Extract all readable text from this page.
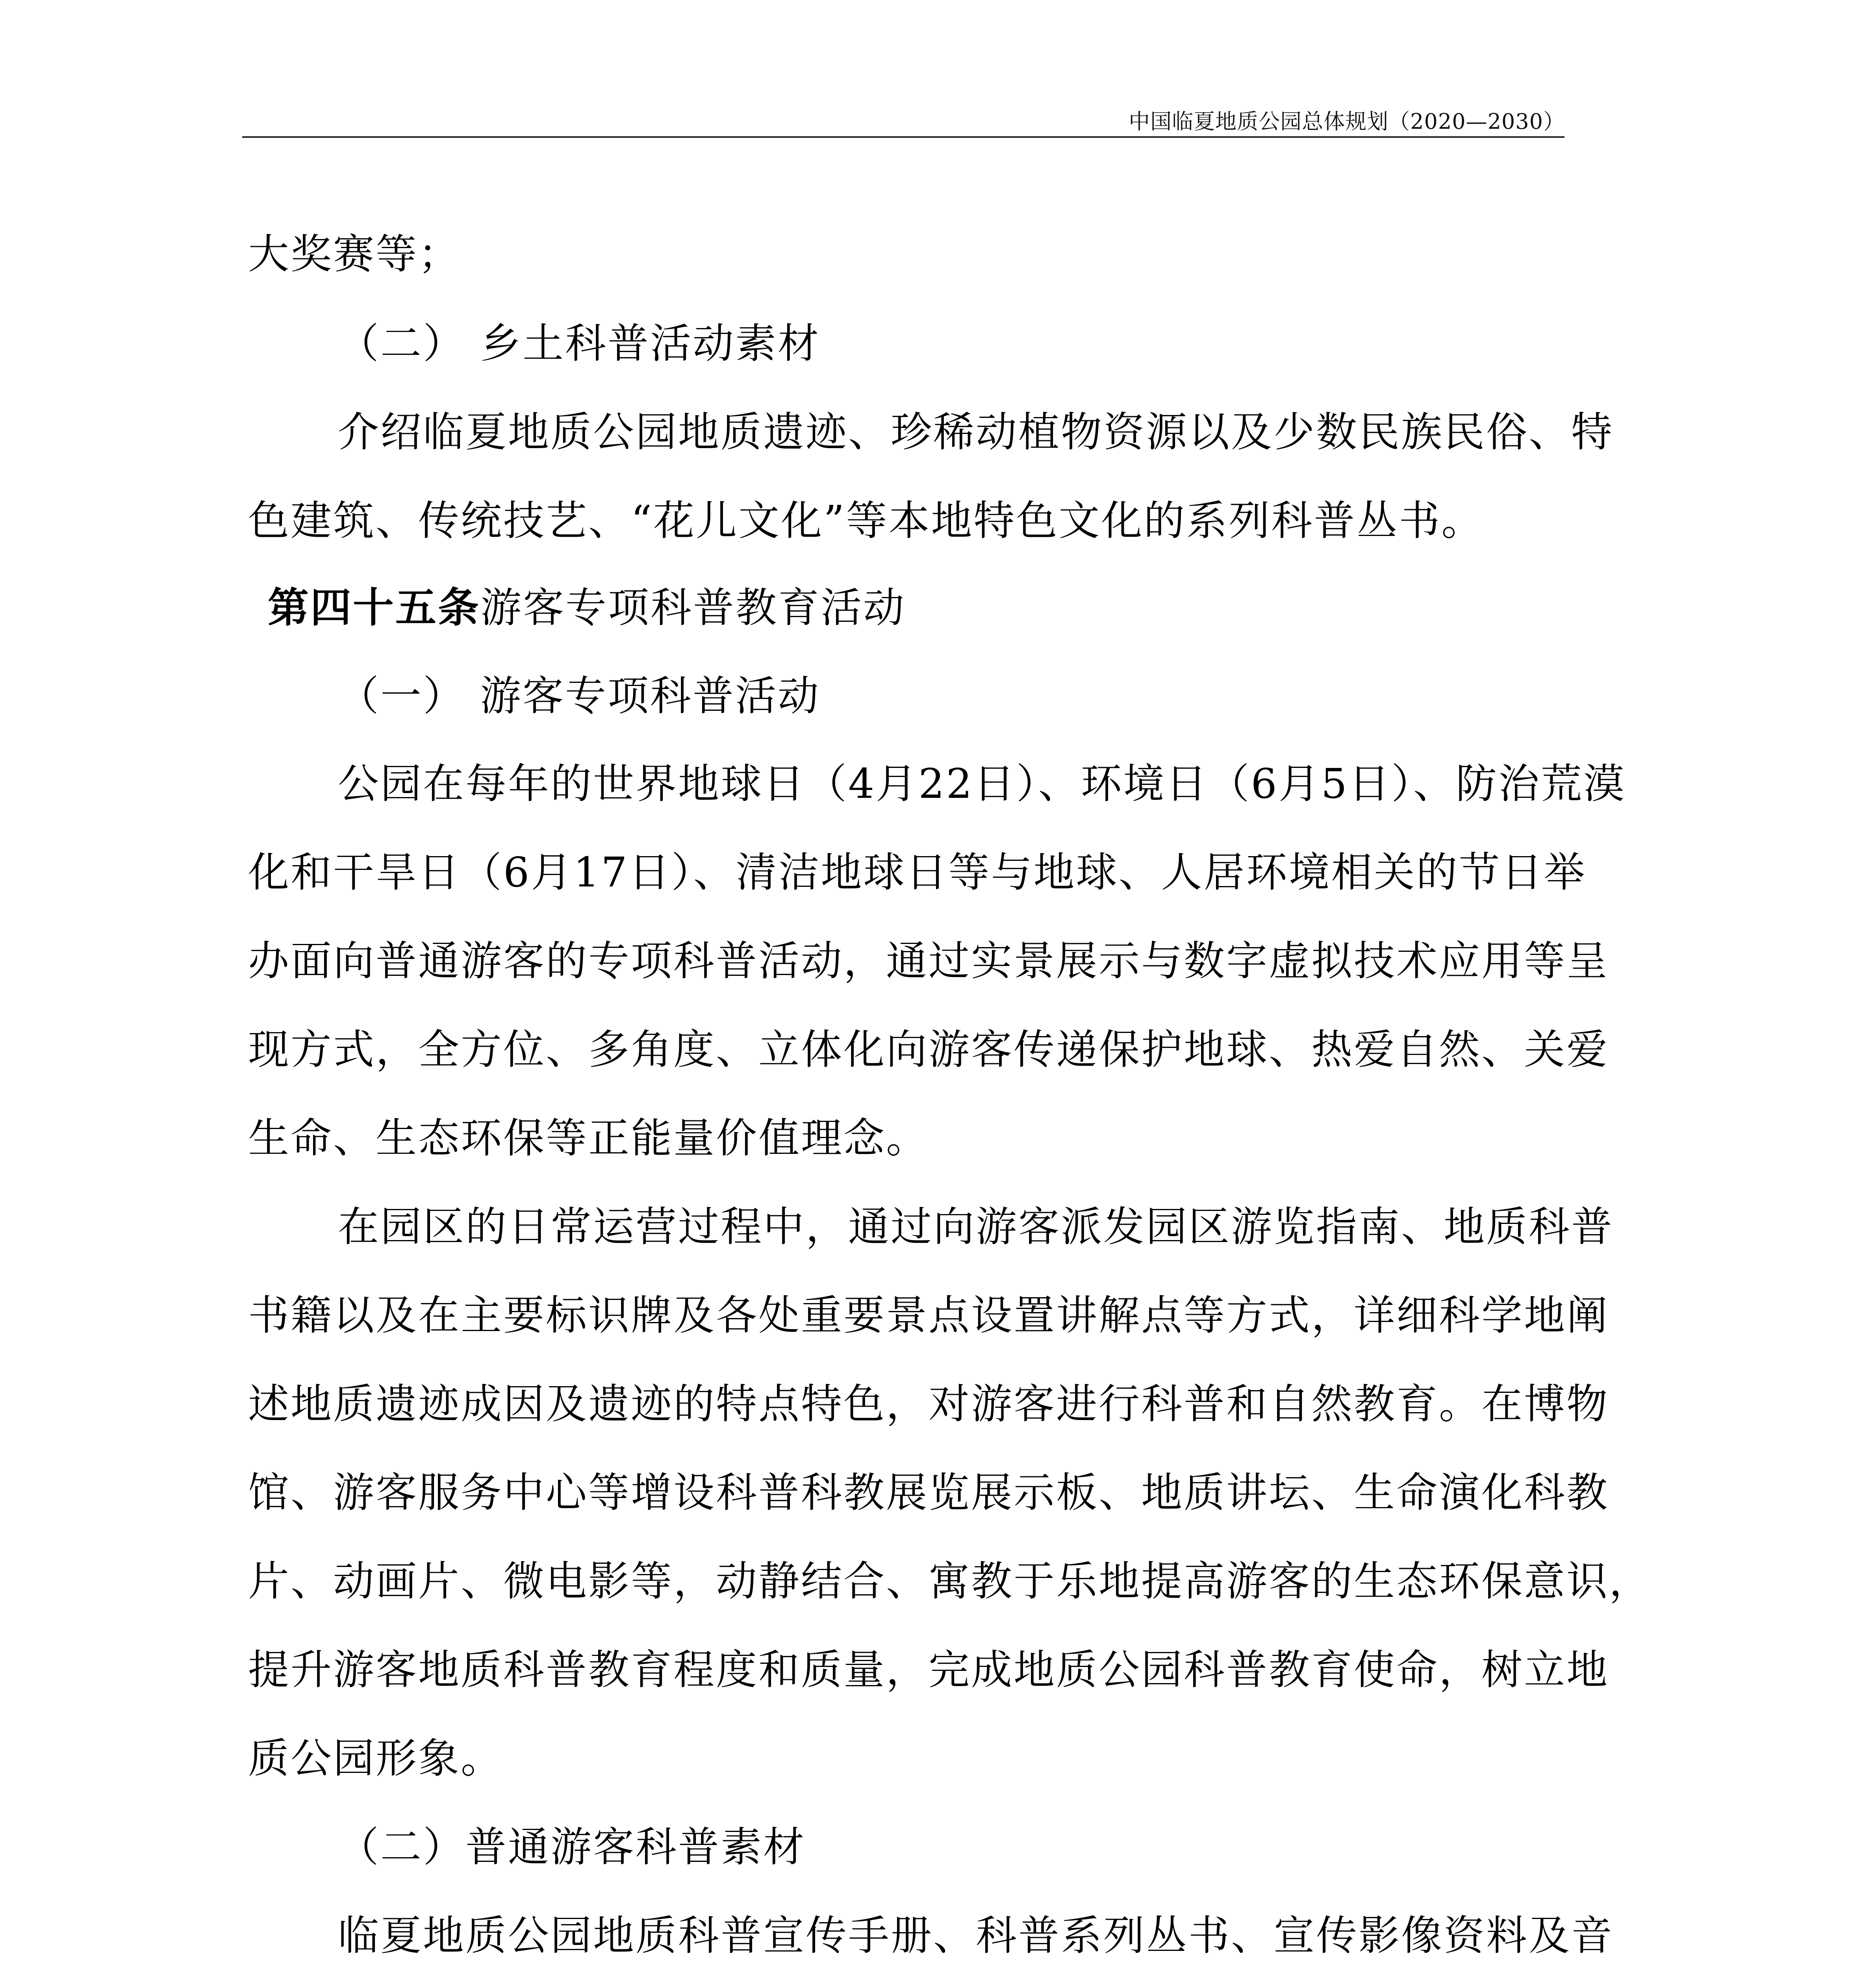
中国临夏地质公园总体规划（2020—2030）
大奖赛等；
（二） 乡土科普活动素材
介绍临夏地质公园地质遗迹、珍稀动植物资源以及少数民族民俗、特
色建筑、传统技艺、“花儿文化”等本地特色文化的系列科普丛书。
第四十五条游客专项科普教育活动
（一） 游客专项科普活动
公园在每年的世界地球日（4月22日）、环境日（6月5日）、防治荒漠
化和干旱日（6月17日）、清洁地球日等与地球、人居环境相关的节日举
办面向普通游客的专项科普活动，通过实景展示与数字虚拟技术应用等呈
现方式，全方位、多角度、立体化向游客传递保护地球、热爱自然、关爱
生命、生态环保等正能量价值理念。
在园区的日常运营过程中，通过向游客派发园区游览指南、地质科普
书籍以及在主要标识牌及各处重要景点设置讲解点等方式，详细科学地阐
述地质遗迹成因及遗迹的特点特色，对游客进行科普和自然教育。在博物
馆、游客服务中心等增设科普科教展览展示板、地质讲坛、生命演化科教
片、动画片、微电影等，动静结合、寓教于乐地提高游客的生态环保意识，
提升游客地质科普教育程度和质量，完成地质公园科普教育使命，树立地
质公园形象。
（二）普通游客科普素材
临夏地质公园地质科普宣传手册、科普系列丛书、宣传影像资料及音
